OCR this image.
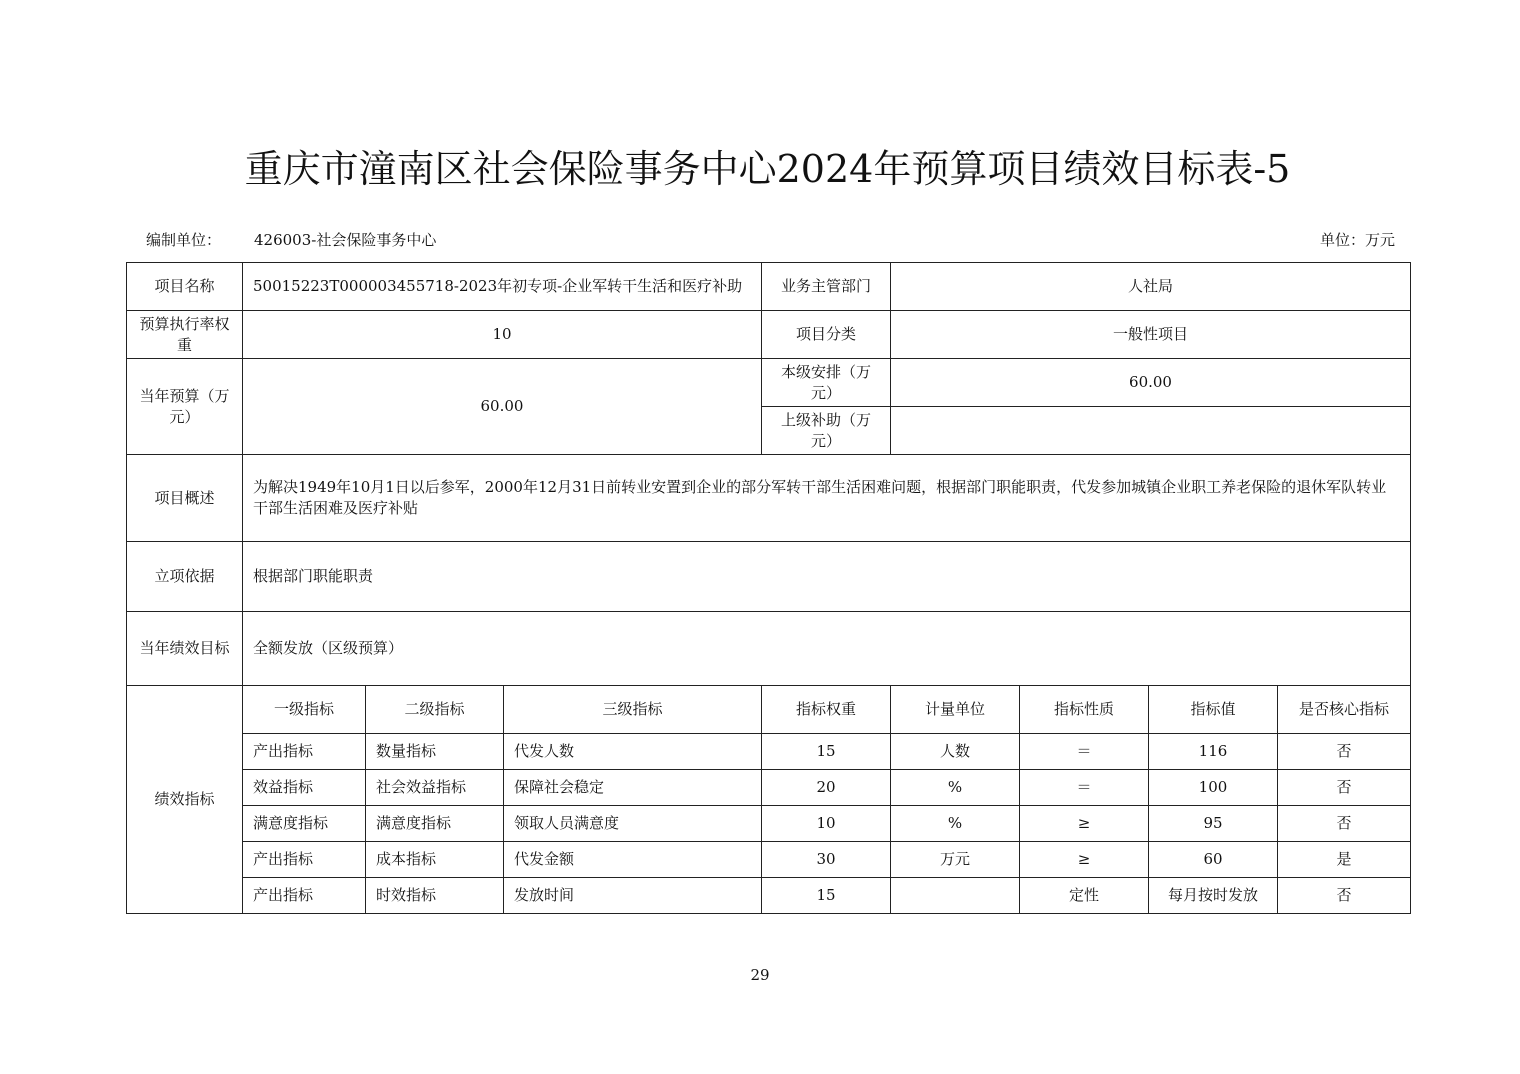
重庆市潼南区社会保险事务中心2024年预算项目绩效目标表-5
编制单位： 426003-社会保险事务中心	单位：万元
项目名称	50015223T000003455718-2023年初专项-企业军转干生活和医疗补助			业务主管部门	人社局			
预算执行率权重	10			项目分类	一般性项目			
当年预算（万元）	60.00			本级安排（万元）	60.00			
				上级补助（万元）				
项目概述	为解决1949年10月1日以后参军，2000年12月31日前转业安置到企业的部分军转干部生活困难问题，根据部门职能职责，代发参加城镇企业职工养老保险的退休军队转业干部生活困难及医疗补贴							
立项依据	根据部门职能职责							
当年绩效目标	全额发放（区级预算）							
绩效指标	一级指标	二级指标	三级指标	指标权重	计量单位	指标性质	指标值	是否核心指标
	产出指标	数量指标	代发人数	15	人数	＝	116	否
	效益指标	社会效益指标	保障社会稳定	20	%	＝	100	否
	满意度指标	满意度指标	领取人员满意度	10	%	≥	95	否
	产出指标	成本指标	代发金额	30	万元	≥	60	是
	产出指标	时效指标	发放时间	15		定性	每月按时发放	否
29
